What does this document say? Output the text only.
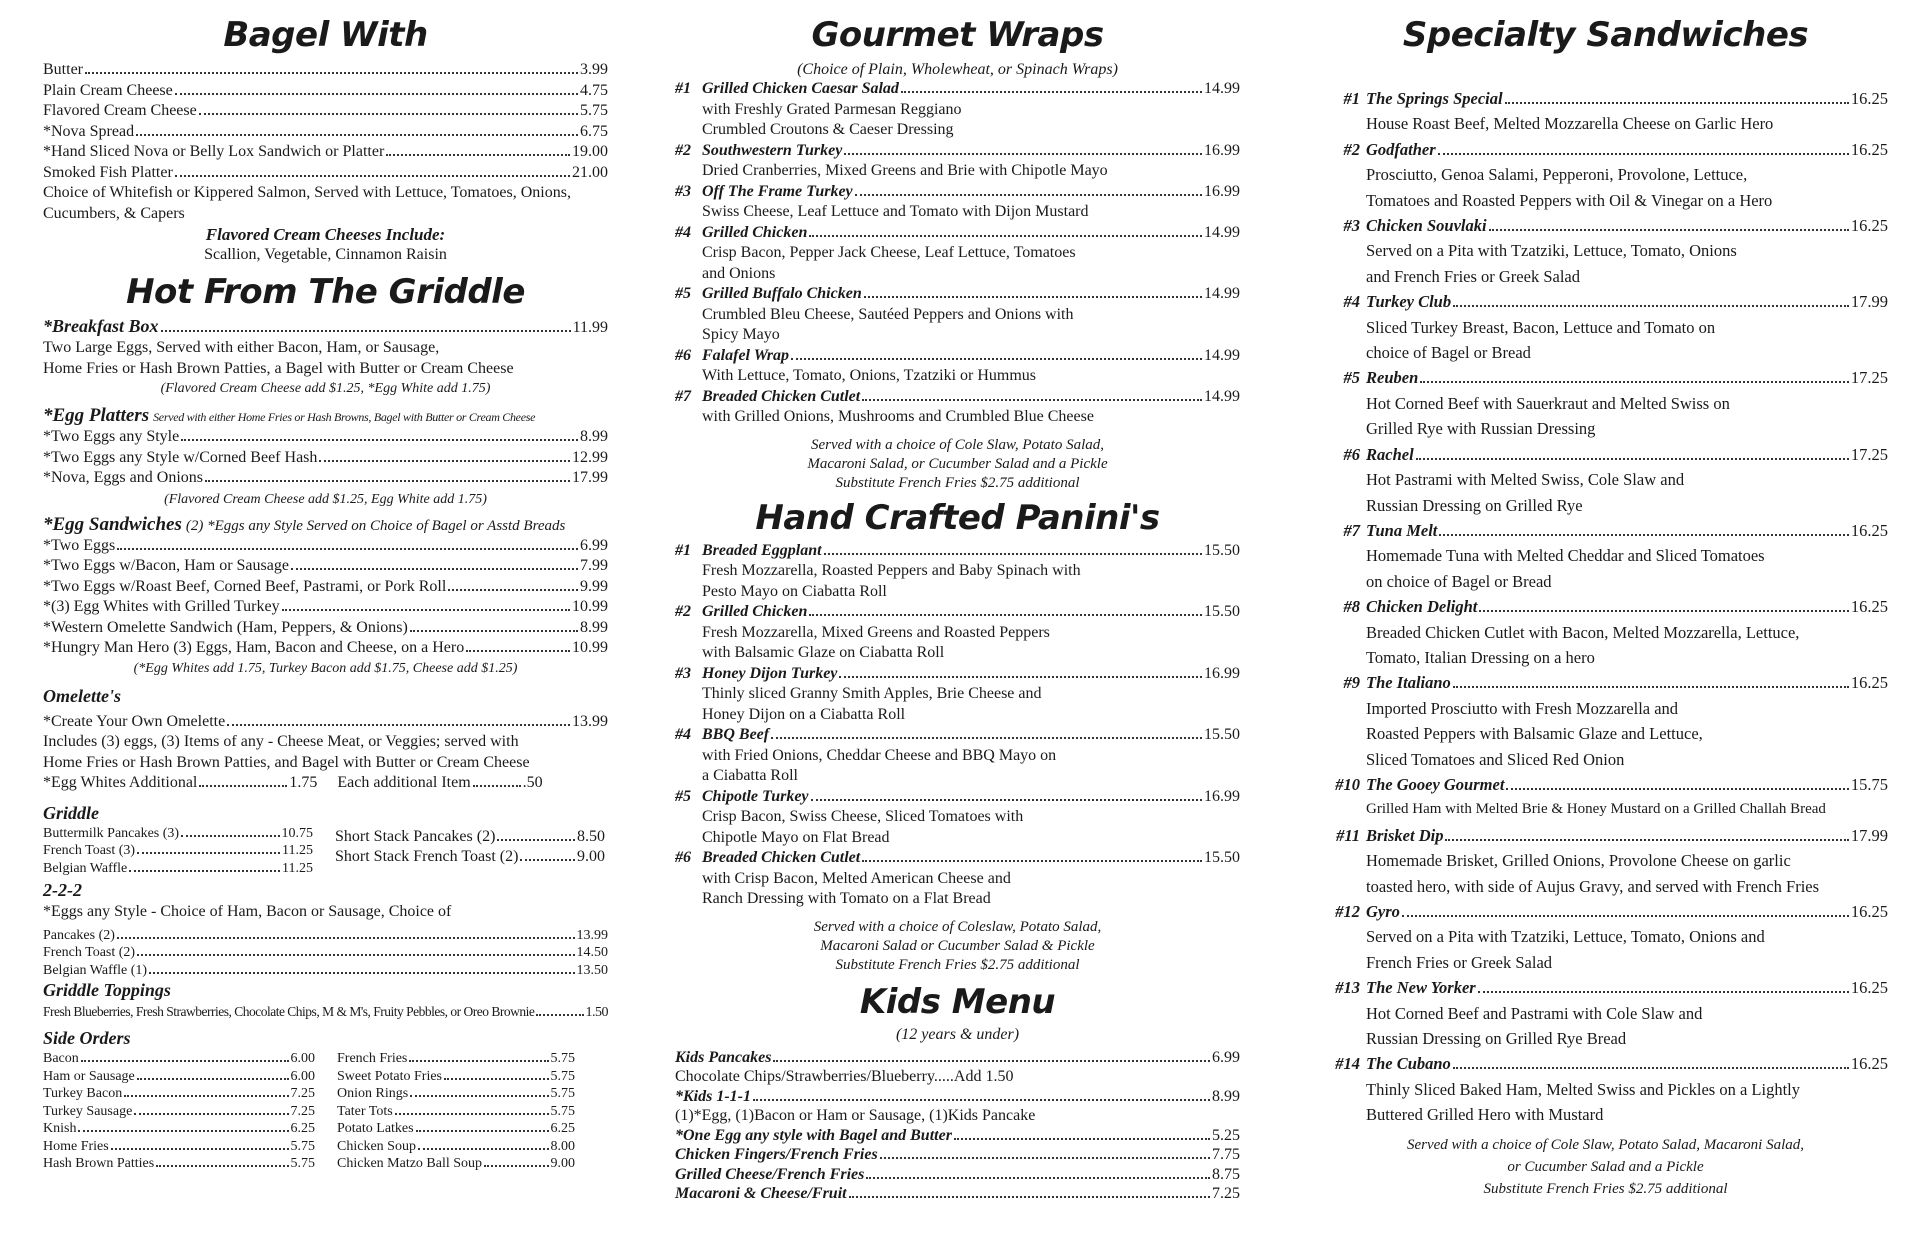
Bagel With
Butter	3.99
Plain Cream Cheese	4.75
Flavored Cream Cheese	5.75
*Nova Spread	6.75
*Hand Sliced Nova or Belly Lox Sandwich or Platter	19.00
Smoked Fish Platter	21.00
Choice of Whitefish or Kippered Salmon, Served with Lettuce, Tomatoes, Onions, Cucumbers, & Capers
Flavored Cream Cheeses Include:
Scallion, Vegetable, Cinnamon Raisin
Hot From The Griddle
*Breakfast Box	11.99
Two Large Eggs, Served with either Bacon, Ham, or Sausage,
Home Fries or Hash Brown Patties, a Bagel with Butter or Cream Cheese
(Flavored Cream Cheese add $1.25, *Egg White add 1.75)
*Egg Platters Served with either Home Fries or Hash Browns, Bagel with Butter or Cream Cheese
*Two Eggs any Style	8.99
*Two Eggs any Style w/Corned Beef Hash	12.99
*Nova, Eggs and Onions	17.99
(Flavored Cream Cheese add $1.25, Egg White add 1.75)
*Egg Sandwiches (2) *Eggs any Style Served on Choice of Bagel or Asstd Breads
*Two Eggs	6.99
*Two Eggs w/Bacon, Ham or Sausage	7.99
*Two Eggs w/Roast Beef, Corned Beef, Pastrami, or Pork Roll	9.99
*(3) Egg Whites with Grilled Turkey	10.99
*Western Omelette Sandwich (Ham, Peppers, & Onions)	8.99
*Hungry Man Hero (3) Eggs, Ham, Bacon and Cheese, on a Hero	10.99
(*Egg Whites add 1.75, Turkey Bacon add $1.75, Cheese add $1.25)
Omelette's
*Create Your Own Omelette	13.99
Includes (3) eggs, (3) Items of any - Cheese Meat, or Veggies; served with
Home Fries or Hash Brown Patties, and Bagel with Butter or Cream Cheese
*Egg Whites Additional	1.75 Each additional Item	.50
Griddle
Buttermilk Pancakes (3)	10.75
French Toast (3)	11.25
Belgian Waffle	11.25
Short Stack Pancakes (2)	8.50
Short Stack French Toast (2)	9.00
2-2-2
*Eggs any Style - Choice of Ham, Bacon or Sausage, Choice of
Pancakes (2)	13.99
French Toast (2)	14.50
Belgian Waffle (1)	13.50
Griddle Toppings
Fresh Blueberries, Fresh Strawberries, Chocolate Chips, M & M's, Fruity Pebbles, or Oreo Brownie	1.50
Side Orders
Bacon	6.00
Ham or Sausage	6.00
Turkey Bacon	7.25
Turkey Sausage	7.25
Knish	6.25
Home Fries	5.75
Hash Brown Patties	5.75
French Fries	5.75
Sweet Potato Fries	5.75
Onion Rings	5.75
Tater Tots	5.75
Potato Latkes	6.25
Chicken Soup	8.00
Chicken Matzo Ball Soup	9.00
Gourmet Wraps
(Choice of Plain, Wholewheat, or Spinach Wraps)
#1 Grilled Chicken Caesar Salad	14.99
with Freshly Grated Parmesan Reggiano
Crumbled Croutons & Caeser Dressing
#2 Southwestern Turkey	16.99
Dried Cranberries, Mixed Greens and Brie with Chipotle Mayo
#3 Off The Frame Turkey	16.99
Swiss Cheese, Leaf Lettuce and Tomato with Dijon Mustard
#4 Grilled Chicken	14.99
Crisp Bacon, Pepper Jack Cheese, Leaf Lettuce, Tomatoes
and Onions
#5 Grilled Buffalo Chicken	14.99
Crumbled Bleu Cheese, Sautéed Peppers and Onions with
Spicy Mayo
#6 Falafel Wrap	14.99
With Lettuce, Tomato, Onions, Tzatziki or Hummus
#7 Breaded Chicken Cutlet	14.99
with Grilled Onions, Mushrooms and Crumbled Blue Cheese
Served with a choice of Cole Slaw, Potato Salad,
Macaroni Salad, or Cucumber Salad and a Pickle
Substitute French Fries $2.75 additional
Hand Crafted Panini's
#1 Breaded Eggplant	15.50
Fresh Mozzarella, Roasted Peppers and Baby Spinach with
Pesto Mayo on Ciabatta Roll
#2 Grilled Chicken	15.50
Fresh Mozzarella, Mixed Greens and Roasted Peppers
with Balsamic Glaze on Ciabatta Roll
#3 Honey Dijon Turkey	16.99
Thinly sliced Granny Smith Apples, Brie Cheese and
Honey Dijon on a Ciabatta Roll
#4 BBQ Beef	15.50
with Fried Onions, Cheddar Cheese and BBQ Mayo on
a Ciabatta Roll
#5 Chipotle Turkey	16.99
Crisp Bacon, Swiss Cheese, Sliced Tomatoes with
Chipotle Mayo on Flat Bread
#6 Breaded Chicken Cutlet	15.50
with Crisp Bacon, Melted American Cheese and
Ranch Dressing with Tomato on a Flat Bread
Served with a choice of Coleslaw, Potato Salad,
Macaroni Salad or Cucumber Salad & Pickle
Substitute French Fries $2.75 additional
Kids Menu
(12 years & under)
Kids Pancakes	6.99
Chocolate Chips/Strawberries/Blueberry.....Add 1.50
*Kids 1-1-1	8.99
(1)*Egg, (1)Bacon or Ham or Sausage, (1)Kids Pancake
*One Egg any style with Bagel and Butter	5.25
Chicken Fingers/French Fries	7.75
Grilled Cheese/French Fries	8.75
Macaroni & Cheese/Fruit	7.25
Specialty Sandwiches
#1 The Springs Special	16.25
House Roast Beef, Melted Mozzarella Cheese on Garlic Hero
#2 Godfather	16.25
Prosciutto, Genoa Salami, Pepperoni, Provolone, Lettuce,
Tomatoes and Roasted Peppers with Oil & Vinegar on a Hero
#3 Chicken Souvlaki	16.25
Served on a Pita with Tzatziki, Lettuce, Tomato, Onions
and French Fries or Greek Salad
#4 Turkey Club	17.99
Sliced Turkey Breast, Bacon, Lettuce and Tomato on
choice of Bagel or Bread
#5 Reuben	17.25
Hot Corned Beef with Sauerkraut and Melted Swiss on
Grilled Rye with Russian Dressing
#6 Rachel	17.25
Hot Pastrami with Melted Swiss, Cole Slaw and
Russian Dressing on Grilled Rye
#7 Tuna Melt	16.25
Homemade Tuna with Melted Cheddar and Sliced Tomatoes
on choice of Bagel or Bread
#8 Chicken Delight	16.25
Breaded Chicken Cutlet with Bacon, Melted Mozzarella, Lettuce,
Tomato, Italian Dressing on a hero
#9 The Italiano	16.25
Imported Prosciutto with Fresh Mozzarella and
Roasted Peppers with Balsamic Glaze and Lettuce,
Sliced Tomatoes and Sliced Red Onion
#10 The Gooey Gourmet	15.75
Grilled Ham with Melted Brie & Honey Mustard on a Grilled Challah Bread
#11 Brisket Dip	17.99
Homemade Brisket, Grilled Onions, Provolone Cheese on garlic
toasted hero, with side of Aujus Gravy, and served with French Fries
#12 Gyro	16.25
Served on a Pita with Tzatziki, Lettuce, Tomato, Onions and
French Fries or Greek Salad
#13 The New Yorker	16.25
Hot Corned Beef and Pastrami with Cole Slaw and
Russian Dressing on Grilled Rye Bread
#14 The Cubano	16.25
Thinly Sliced Baked Ham, Melted Swiss and Pickles on a Lightly
Buttered Grilled Hero with Mustard
Served with a choice of Cole Slaw, Potato Salad, Macaroni Salad,
or Cucumber Salad and a Pickle
Substitute French Fries $2.75 additional
